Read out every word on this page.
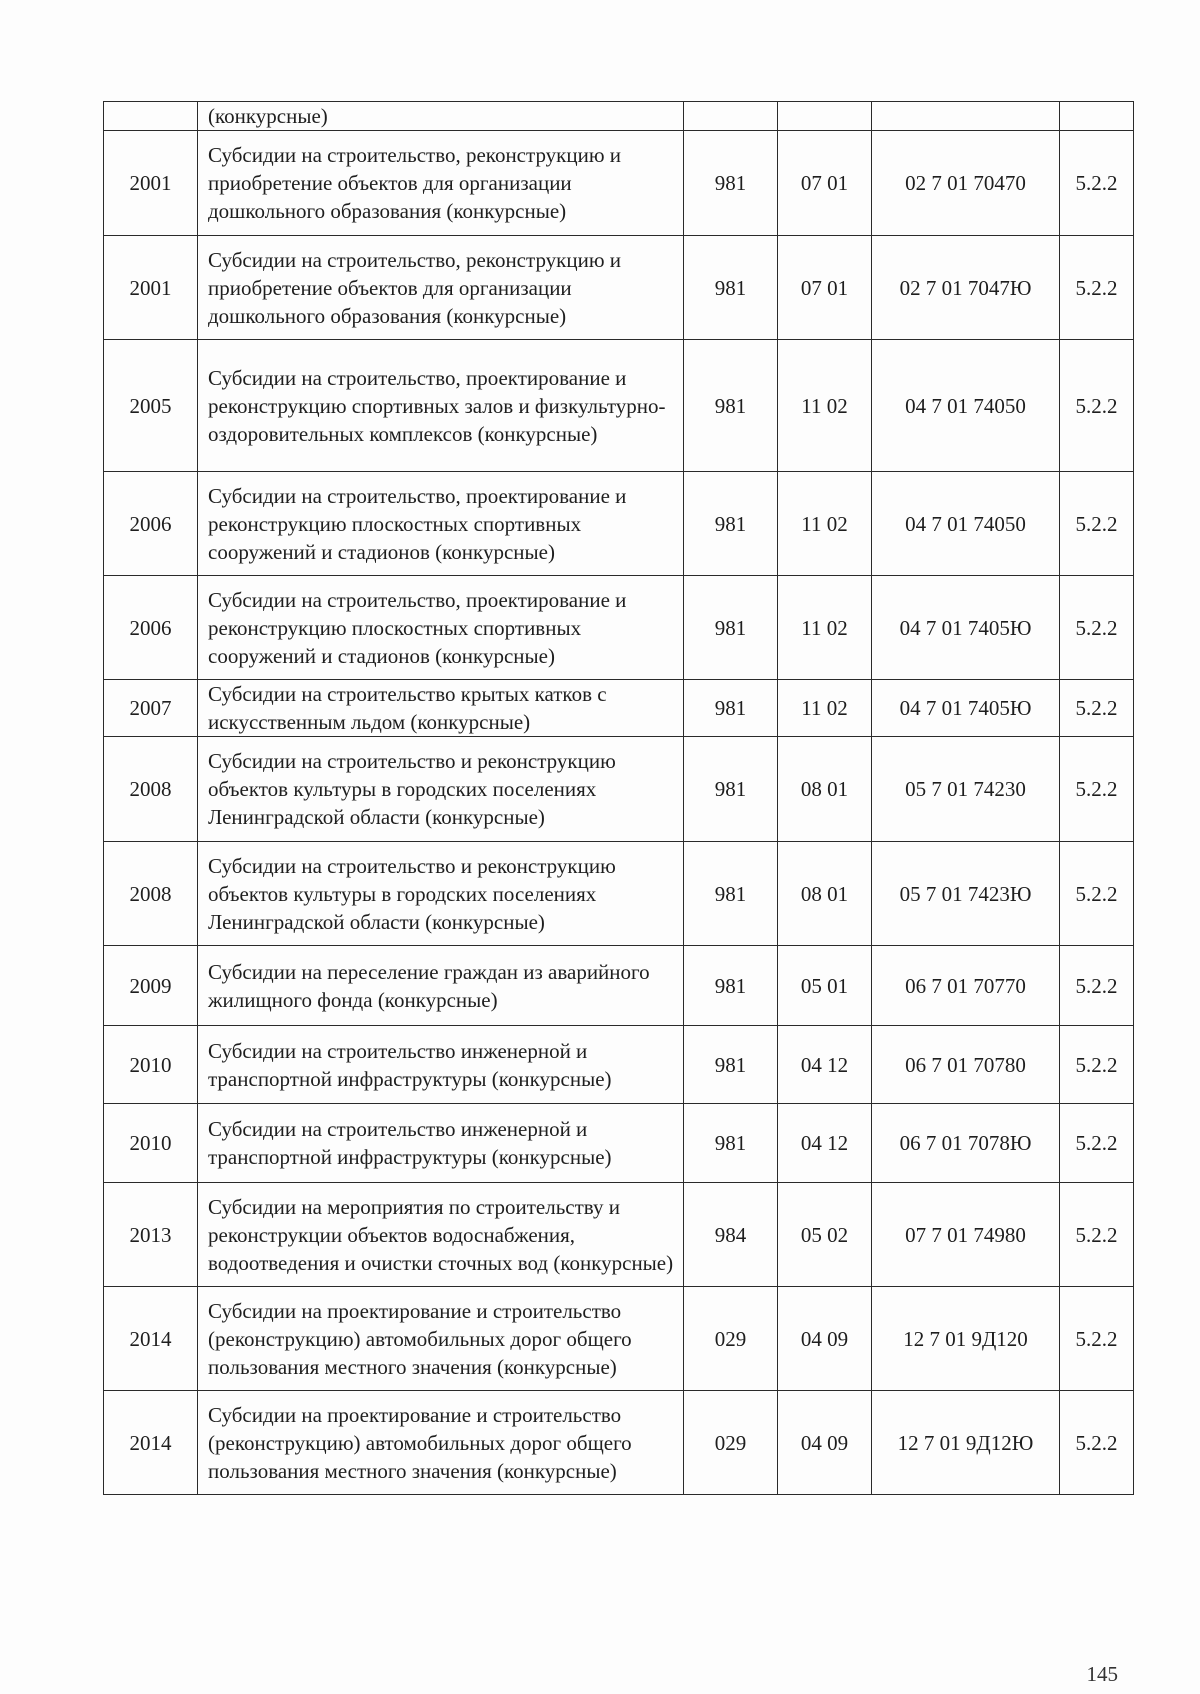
	(конкурсные)				
2001	Субсидии на строительство, реконструкцию и приобретение объектов для организации дошкольного образования (конкурсные)	981	07 01	02 7 01 70470	5.2.2
2001	Субсидии на строительство, реконструкцию и приобретение объектов для организации дошкольного образования (конкурсные)	981	07 01	02 7 01 7047Ю	5.2.2
2005	Субсидии на строительство, проектирование и реконструкцию спортивных залов и физкультурно-оздоровительных комплексов (конкурсные)	981	11 02	04 7 01 74050	5.2.2
2006	Субсидии на строительство, проектирование и реконструкцию плоскостных спортивных сооружений и стадионов (конкурсные)	981	11 02	04 7 01 74050	5.2.2
2006	Субсидии на строительство, проектирование и реконструкцию плоскостных спортивных сооружений и стадионов (конкурсные)	981	11 02	04 7 01 7405Ю	5.2.2
2007	Субсидии на строительство крытых катков с искусственным льдом (конкурсные)	981	11 02	04 7 01 7405Ю	5.2.2
2008	Субсидии на строительство и реконструкцию объектов культуры в городских поселениях Ленинградской области (конкурсные)	981	08 01	05 7 01 74230	5.2.2
2008	Субсидии на строительство и реконструкцию объектов культуры в городских поселениях Ленинградской области (конкурсные)	981	08 01	05 7 01 7423Ю	5.2.2
2009	Субсидии на переселение граждан из аварийного жилищного фонда (конкурсные)	981	05 01	06 7 01 70770	5.2.2
2010	Субсидии на строительство инженерной и транспортной инфраструктуры (конкурсные)	981	04 12	06 7 01 70780	5.2.2
2010	Субсидии на строительство инженерной и транспортной инфраструктуры (конкурсные)	981	04 12	06 7 01 7078Ю	5.2.2
2013	Субсидии на мероприятия по строительству и реконструкции объектов водоснабжения, водоотведения и очистки сточных вод (конкурсные)	984	05 02	07 7 01 74980	5.2.2
2014	Субсидии на проектирование и строительство (реконструкцию) автомобильных дорог общего пользования местного значения (конкурсные)	029	04 09	12 7 01 9Д120	5.2.2
2014	Субсидии на проектирование и строительство (реконструкцию) автомобильных дорог общего пользования местного значения (конкурсные)	029	04 09	12 7 01 9Д12Ю	5.2.2
145
